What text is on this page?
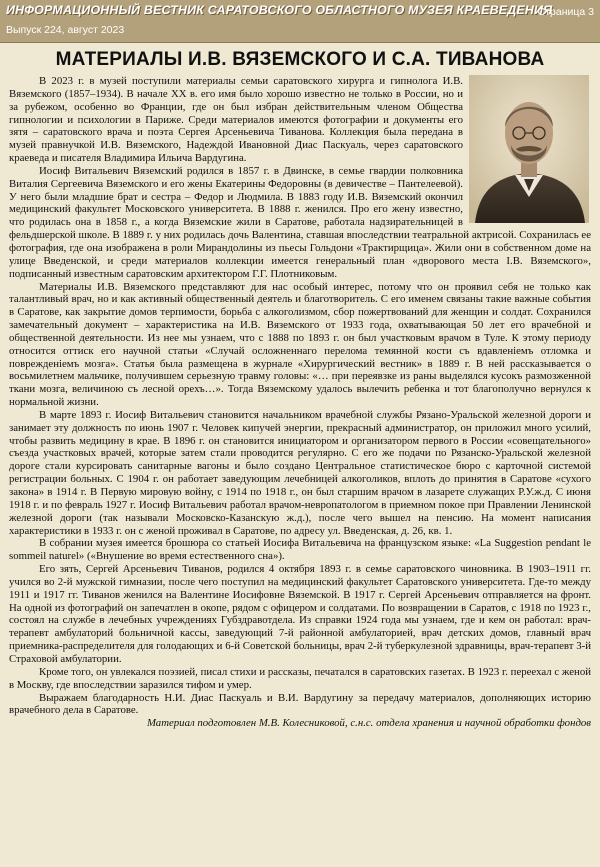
ИНФОРМАЦИОННЫЙ ВЕСТНИК САРАТОВСКОГО ОБЛАСТНОГО МУЗЕЯ КРАЕВЕДЕНИЯ
Страница 3
Выпуск 224, август 2023
МАТЕРИАЛЫ И.В. ВЯЗЕМСКОГО И С.А. ТИВАНОВА

В 2023 г. в музей поступили материалы семьи саратовского хирурга и гипнолога И.В. Вяземского (1857–1934). В начале ХХ в. его имя было хорошо известно не только в России, но и за рубежом, особенно во Франции, где он был избран действительным членом Общества гипнологии и психологии в Париже. Среди материалов имеются фотографии и документы его зятя – саратовского врача и поэта Сергея Арсеньевича Тиванова. Коллекция была передана в музей правнучкой И.В. Вяземского, Надеждой Ивановной Диас Паскуаль, через саратовского краеведа и писателя Владимира Ильича Вардугина.

Иосиф Витальевич Вяземский родился в 1857 г. в Двинске, в семье гвардии полковника Виталия Сергеевича Вяземского и его жены Екатерины Федоровны (в девичестве – Пантелеевой). У него были младшие брат и сестра – Федор и Людмила. В 1883 году И.В. Вяземский окончил медицинский факультет Московского университета. В 1888 г. женился. Про его жену известно, что родилась она в 1858 г., а когда Вяземские жили в Саратове, работала надзирательницей в фельдшерской школе. В 1889 г. у них родилась дочь Валентина, ставшая впоследствии театральной актрисой. Сохранилась ее фотография, где она изображена в роли Мирандолины из пьесы Гольдони «Трактирщица». Жили они в собственном доме на улице Введенской, и среди материалов коллекции имеется генеральный план «дворового места I.В. Вяземского», подписанный известным саратовским архитектором Г.Г. Плотниковым.

Материалы И.В. Вяземского представляют для нас особый интерес, потому что он проявил себя не только как талантливый врач, но и как активный общественный деятель и благотворитель. С его именем связаны такие важные события в Саратове, как закрытие домов терпимости, борьба с алкоголизмом, сбор пожертвований для женщин и солдат. Сохранился замечательный документ – характеристика на И.В. Вяземского от 1933 года, охватывающая 50 лет его врачебной и общественной деятельности. Из нее мы узнаем, что с 1888 по 1893 г. он был участковым врачом в Туле. К этому периоду относится оттиск его научной статьи «Случай осложненнаго перелома темянной кости съ вдавленiемъ отломка и поврежденiемъ мозга». Статья была размещена в журнале «Хирургический вестник» в 1889 г. В ней рассказывается о восьмилетнем мальчике, получившем серьезную травму головы: «… при переявзке из раны выделялся кусокъ размозженной ткани мозга, величиною съ лесной орехъ…». Тогда Вяземскому удалось вылечить ребенка и тот благополучно вернулся к нормальной жизни.

В марте 1893 г. Иосиф Витальевич становится начальником врачебной службы Рязано-Уральской железной дороги и занимает эту должность по июнь 1907 г. Человек кипучей энергии, прекрасный администратор, он приложил много усилий, чтобы развить медицину в крае. В 1896 г. он становится инициатором и организатором первого в России «совещательного» съезда участковых врачей, которые затем стали проводится регулярно. С его же подачи по Рязанско-Уральской железной дороге стали курсировать санитарные вагоны и было создано Центральное статистическое бюро с карточной системой регистрации больных. С 1904 г. он работает заведующим лечебницей алкоголиков, вплоть до принятия в Саратове «сухого закона» в 1914 г. В Первую мировую войну, с 1914 по 1918 г., он был старшим врачом в лазарете служащих Р.У.ж.д. С июня 1918 г. и по февраль 1927 г. Иосиф Витальевич работал врачом-невропатологом в приемном покое при Правлении Ленинской железной дороги (так называли Московско-Казанскую ж.д.), после чего вышел на пенсию. На момент написания характеристики в 1933 г. он с женой проживал в Саратове, по адресу ул. Введенская, д. 26, кв. 1.

В собрании музея имеется брошюра со статьей Иосифа Витальевича на французском языке: «La Suggestion pendant le sommeil naturel» («Внушение во время естественного сна»).

Его зять, Сергей Арсеньевич Тиванов, родился 4 октября 1893 г. в семье саратовского чиновника. В 1903–1911 гг. учился во 2-й мужской гимназии, после чего поступил на медицинский факультет Саратовского университета. Где-то между 1911 и 1917 гг. Тиванов женился на Валентине Иосифовне Вяземской. В 1917 г. Сергей Арсеньевич отправляется на фронт. На одной из фотографий он запечатлен в окопе, рядом с офицером и солдатами. По возвращении в Саратов, с 1918 по 1923 г., состоял на службе в лечебных учреждениях Губздравотдела. Из справки 1924 года мы узнаем, где и кем он работал: врач-терапевт амбулаторий больничной кассы, заведующий 7-й районной амбулаторией, врач детских домов, главный врач приемника-распределителя для голодающих и 6-й Советской больницы, врач 2-й туберкулезной здравницы, врач-терапевт 3-й Страховой амбулатории.

Кроме того, он увлекался поэзией, писал стихи и рассказы, печатался в саратовских газетах. В 1923 г. переехал с женой в Москву, где впоследствии заразился тифом и умер.

Выражаем благодарность Н.И. Диас Паскуаль и В.И. Вардугину за передачу материалов, дополняющих историю врачебного дела в Саратове.

Материал подготовлен М.В. Колесниковой, с.н.с. отдела хранения и научной обработки фондов
